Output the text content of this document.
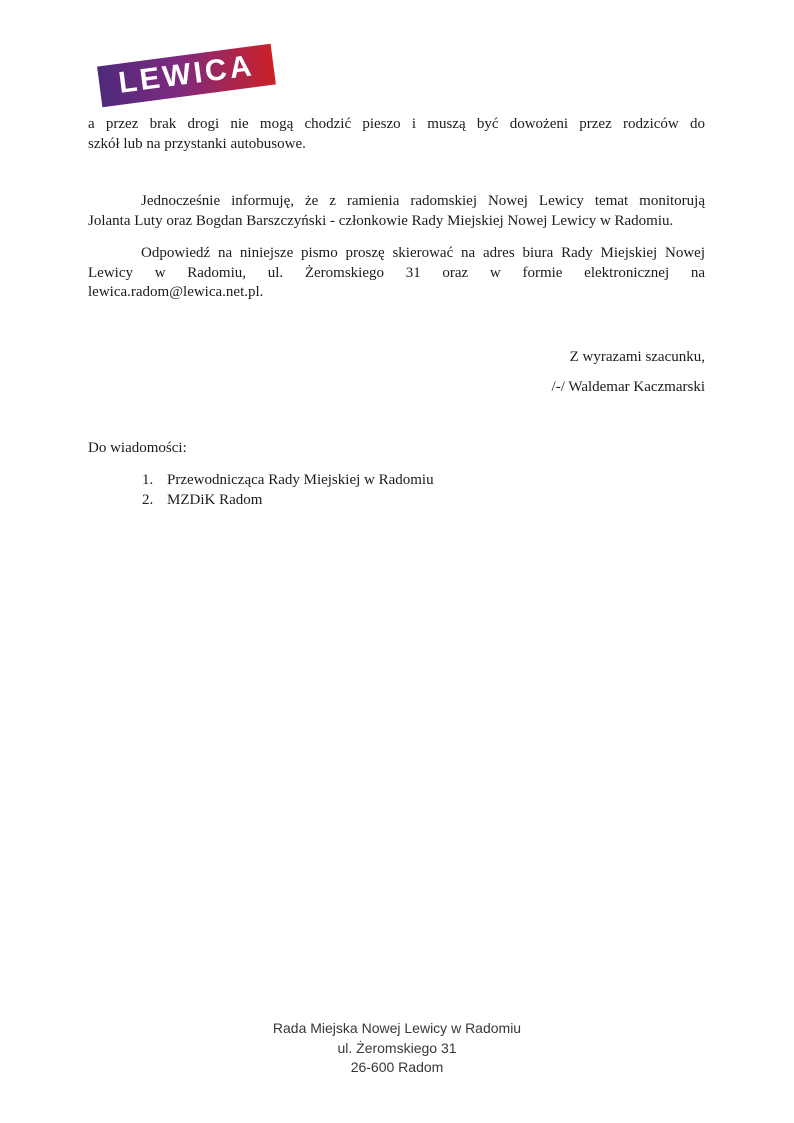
LEWICA
a przez brak drogi nie mogą chodzić pieszo i muszą być dowożeni przez rodziców do
szkół lub na przystanki autobusowe.
Jednocześnie informuję, że z ramienia radomskiej Nowej Lewicy temat monitorują
Jolanta Luty oraz Bogdan Barszczyński - członkowie Rady Miejskiej Nowej Lewicy w Radomiu.
Odpowiedź na niniejsze pismo proszę skierować na adres biura Rady Miejskiej Nowej
Lewicy w Radomiu, ul. Żeromskiego 31 oraz w formie elektronicznej na
lewica.radom@lewica.net.pl.
Z wyrazami szacunku,
/-/ Waldemar Kaczmarski
Do wiadomości:
1. Przewodnicząca Rady Miejskiej w Radomiu
2. MZDiK Radom
Rada Miejska Nowej Lewicy w Radomiu
ul. Żeromskiego 31
26-600 Radom
